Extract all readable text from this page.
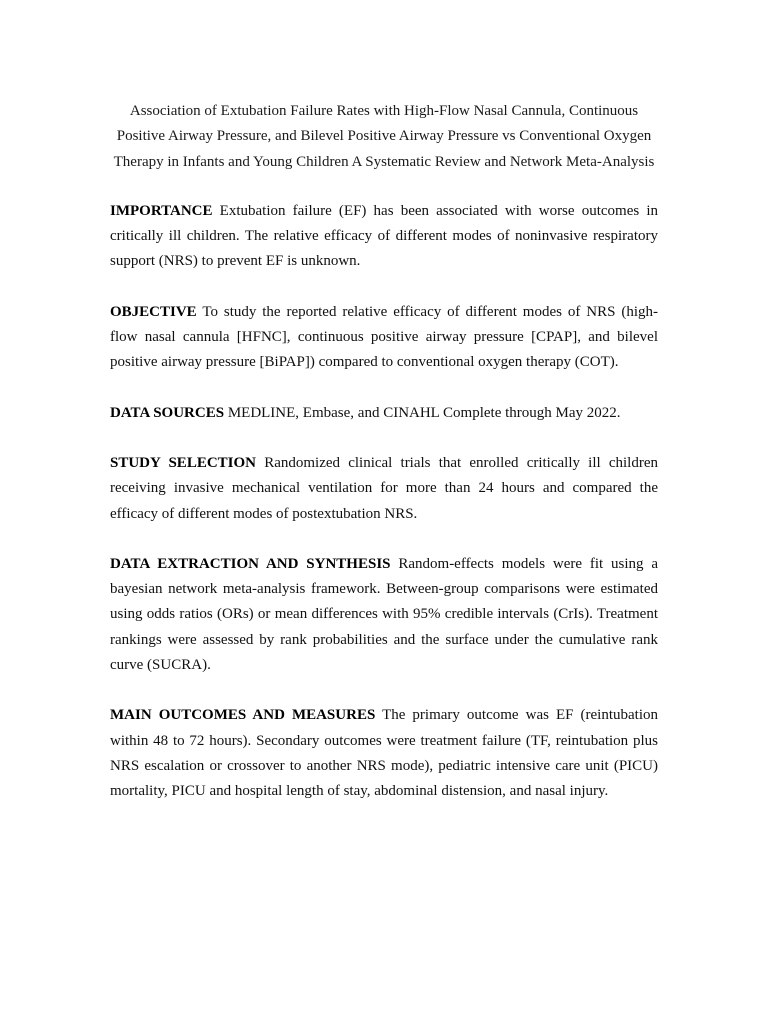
Association of Extubation Failure Rates with High-Flow Nasal Cannula, Continuous Positive Airway Pressure, and Bilevel Positive Airway Pressure vs Conventional Oxygen Therapy in Infants and Young Children A Systematic Review and Network Meta-Analysis
IMPORTANCE Extubation failure (EF) has been associated with worse outcomes in critically ill children. The relative efficacy of different modes of noninvasive respiratory support (NRS) to prevent EF is unknown.
OBJECTIVE To study the reported relative efficacy of different modes of NRS (high-flow nasal cannula [HFNC], continuous positive airway pressure [CPAP], and bilevel positive airway pressure [BiPAP]) compared to conventional oxygen therapy (COT).
DATA SOURCES MEDLINE, Embase, and CINAHL Complete through May 2022.
STUDY SELECTION Randomized clinical trials that enrolled critically ill children receiving invasive mechanical ventilation for more than 24 hours and compared the efficacy of different modes of postextubation NRS.
DATA EXTRACTION AND SYNTHESIS Random-effects models were fit using a bayesian network meta-analysis framework. Between-group comparisons were estimated using odds ratios (ORs) or mean differences with 95% credible intervals (CrIs). Treatment rankings were assessed by rank probabilities and the surface under the cumulative rank curve (SUCRA).
MAIN OUTCOMES AND MEASURES The primary outcome was EF (reintubation within 48 to 72 hours). Secondary outcomes were treatment failure (TF, reintubation plus NRS escalation or crossover to another NRS mode), pediatric intensive care unit (PICU) mortality, PICU and hospital length of stay, abdominal distension, and nasal injury.
